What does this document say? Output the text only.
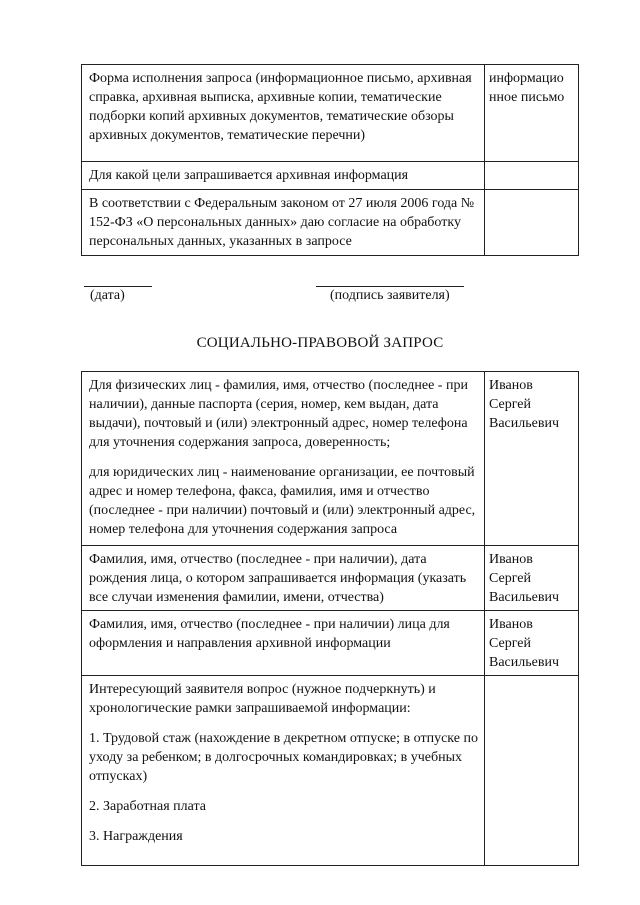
Форма исполнения запроса (информационное письмо, архивная справка, архивная выписка, архивные копии, тематические подборки копий архивных документов, тематические обзоры архивных документов, тематические перечни)	информацио нное письмо
Для какой цели запрашивается архивная информация	
В соответствии с Федеральным законом от 27 июля 2006 года № 152-ФЗ «О персональных данных» даю согласие на обработку персональных данных, указанных в запросе	
(дата)	(подпись заявителя)
СОЦИАЛЬНО-ПРАВОВОЙ ЗАПРОС

Для физических лиц - фамилия, имя, отчество (последнее - при наличии), данные паспорта (серия, номер, кем выдан, дата выдачи), почтовый и (или) электронный адрес, номер телефона для уточнения содержания запроса, доверенность;

для юридических лиц - наименование организации, ее почтовый адрес и номер телефона, факса, фамилия, имя и отчество (последнее - при наличии) почтовый и (или) электронный адрес, номер телефона для уточнения содержания запроса	Иванов Сергей Васильевич
Фамилия, имя, отчество (последнее - при наличии), дата рождения лица, о котором запрашивается информация (указать все случаи изменения фамилии, имени, отчества)	Иванов Сергей Васильевич
Фамилия, имя, отчество (последнее - при наличии) лица для оформления и направления архивной информации	Иванов Сергей Васильевич

Интересующий заявителя вопрос (нужное подчеркнуть) и хронологические рамки запрашиваемой информации:

1. Трудовой стаж (нахождение в декретном отпуске; в отпуске по уходу за ребенком; в долгосрочных командировках; в учебных отпусках)

2. Заработная плата

3. Награждения	
